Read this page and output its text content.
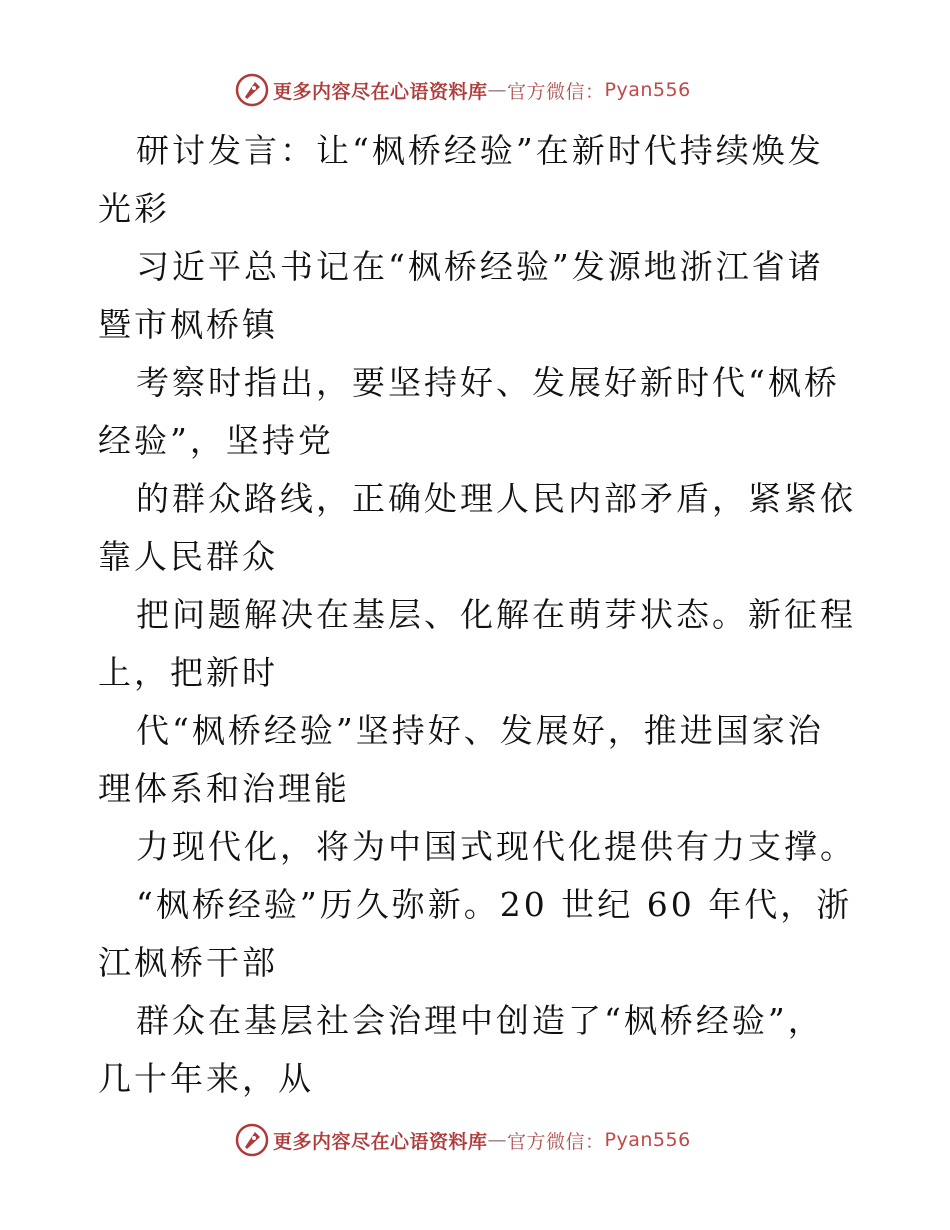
更多内容尽在心语资料库 — 官方微信： Pyan556

研讨发言：让“枫桥经验”在新时代持续焕发光彩

习近平总书记在“枫桥经验”发源地浙江省诸暨市枫桥镇

考察时指出，要坚持好、发展好新时代“枫桥经验”，坚持党

的群众路线，正确处理人民内部矛盾，紧紧依靠人民群众

把问题解决在基层、化解在萌芽状态。新征程上，把新时

代“枫桥经验”坚持好、发展好，推进国家治理体系和治理能

力现代化，将为中国式现代化提供有力支撑。

“枫桥经验”历久弥新。20 世纪 60 年代，浙江枫桥干部

群众在基层社会治理中创造了“枫桥经验”，几十年来，从

更多内容尽在心语资料库 — 官方微信： Pyan556
